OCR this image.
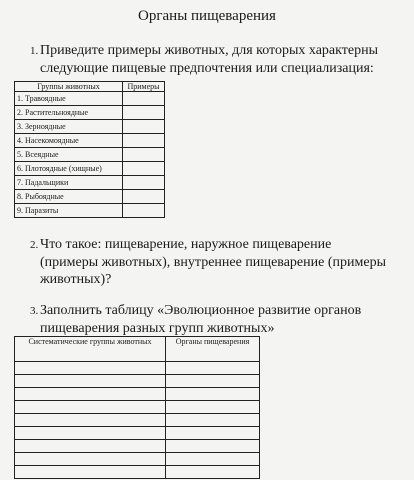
Органы пищеварения
1. Приведите примеры животных, для которых характерны
следующие пищевые предпочтения или специализация:
Группы животных	Примеры
1. Травоядные	
2. Растительноядные	
3. Зерноядные	
4. Насекомоядные	
5. Всеядные	
6. Плотоядные (хищные)	
7. Падальщики	
8. Рыбоядные	
9. Паразиты	
2. Что такое: пищеварение, наружное пищеварение
(примеры животных), внутреннее пищеварение (примеры
животных)?
3. Заполнить таблицу «Эволюционное развитие органов
пищеварения разных групп животных»
Систематические группы животных	Органы пищеварения
